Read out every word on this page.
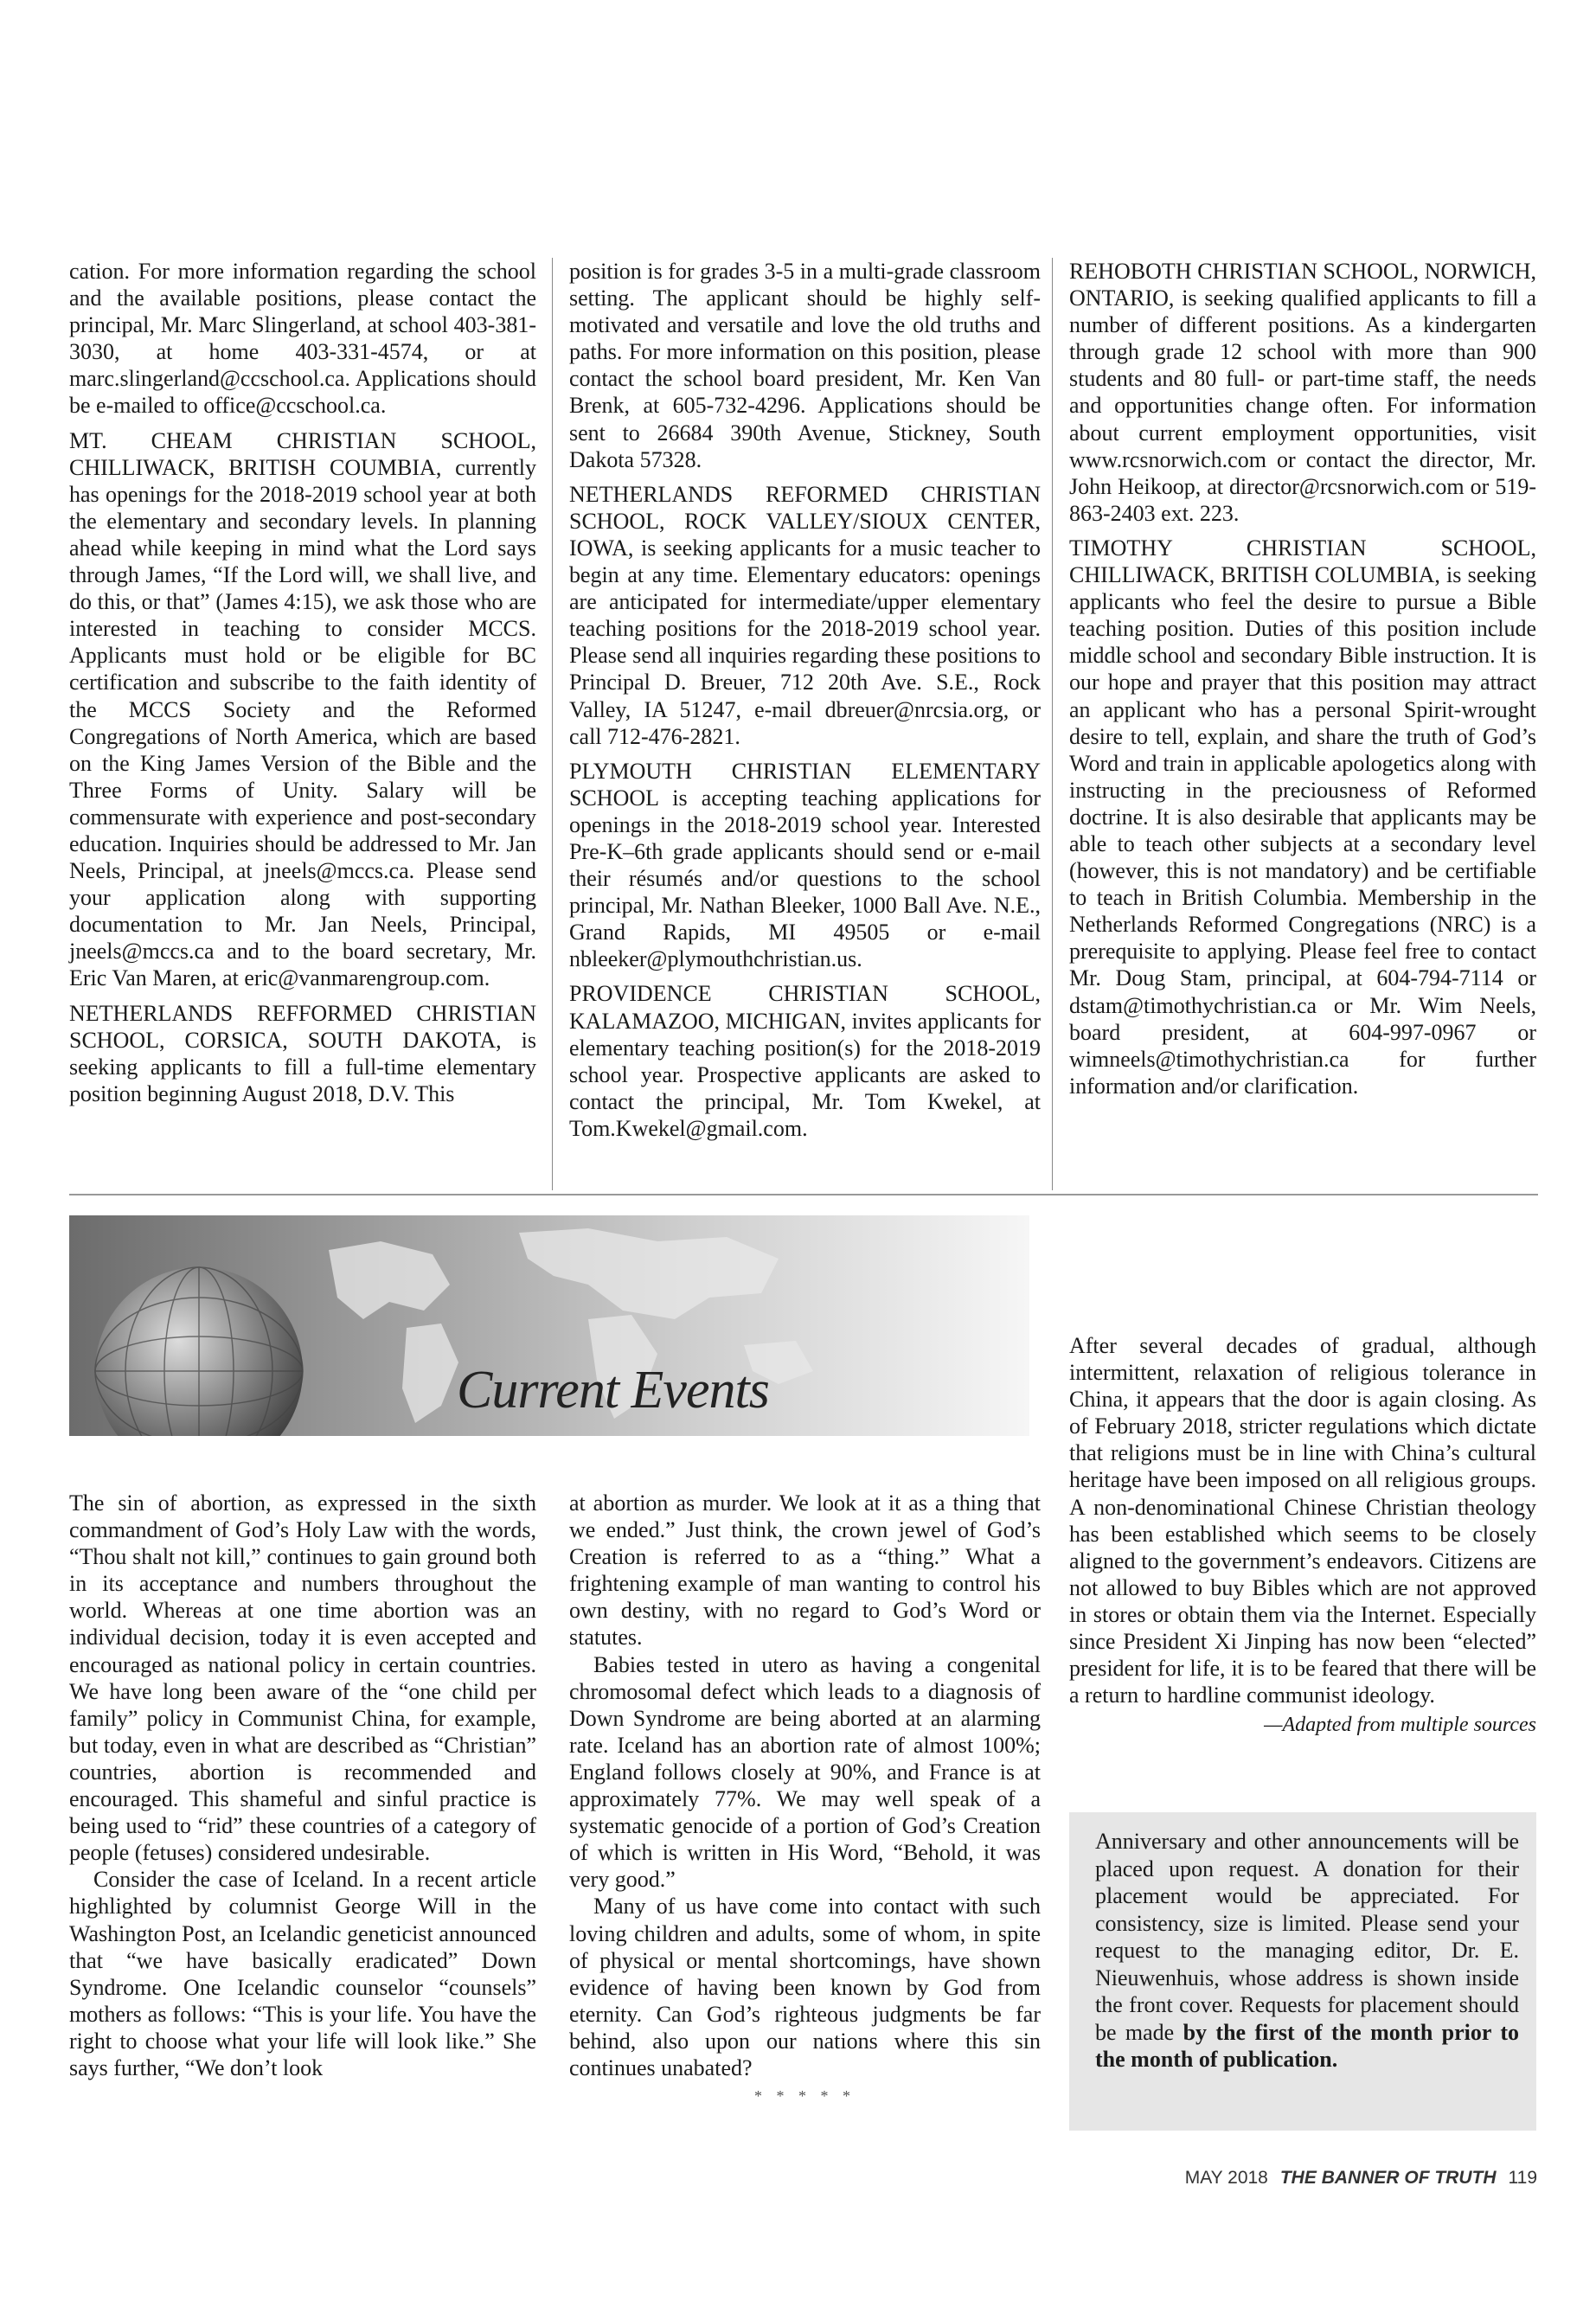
cation. For more information regarding the school and the available positions, please contact the principal, Mr. Marc Slingerland, at school 403-381-3030, at home 403-331-4574, or at marc.slingerland@ccschool.ca. Applications should be e-mailed to office@ccschool.ca.

MT. CHEAM CHRISTIAN SCHOOL, CHILLIWACK, BRITISH COUMBIA, currently has openings for the 2018-2019 school year at both the elementary and secondary levels. In planning ahead while keeping in mind what the Lord says through James, “If the Lord will, we shall live, and do this, or that” (James 4:15), we ask those who are interested in teaching to consider MCCS. Applicants must hold or be eligible for BC certification and subscribe to the faith identity of the MCCS Society and the Reformed Congregations of North America, which are based on the King James Version of the Bible and the Three Forms of Unity. Salary will be commensurate with experience and post-secondary education. Inquiries should be addressed to Mr. Jan Neels, Principal, at jneels@mccs.ca. Please send your application along with supporting documentation to Mr. Jan Neels, Principal, jneels@mccs.ca and to the board secretary, Mr. Eric Van Maren, at eric@vanmarengroup.com.

NETHERLANDS REFFORMED CHRISTIAN SCHOOL, CORSICA, SOUTH DAKOTA, is seeking applicants to fill a full-time elementary position beginning August 2018, D.V. This

position is for grades 3-5 in a multi-grade classroom setting. The applicant should be highly self-motivated and versatile and love the old truths and paths. For more information on this position, please contact the school board president, Mr. Ken Van Brenk, at 605-732-4296. Applications should be sent to 26684 390th Avenue, Stickney, South Dakota 57328.

NETHERLANDS REFORMED CHRISTIAN SCHOOL, ROCK VALLEY/SIOUX CENTER, IOWA, is seeking applicants for a music teacher to begin at any time. Elementary educators: openings are anticipated for intermediate/upper elementary teaching positions for the 2018-2019 school year. Please send all inquiries regarding these positions to Principal D. Breuer, 712 20th Ave. S.E., Rock Valley, IA 51247, e-mail dbreuer@nrcsia.org, or call 712-476-2821.

PLYMOUTH CHRISTIAN ELEMENTARY SCHOOL is accepting teaching applications for openings in the 2018-2019 school year. Interested Pre-K–6th grade applicants should send or e-mail their résumés and/or questions to the school principal, Mr. Nathan Bleeker, 1000 Ball Ave. N.E., Grand Rapids, MI 49505 or e-mail nbleeker@plymouthchristian.us.

PROVIDENCE CHRISTIAN SCHOOL, KALAMAZOO, MICHIGAN, invites applicants for elementary teaching position(s) for the 2018-2019 school year. Prospective applicants are asked to contact the principal, Mr. Tom Kwekel, at Tom.Kwekel@gmail.com.

REHOBOTH CHRISTIAN SCHOOL, NORWICH, ONTARIO, is seeking qualified applicants to fill a number of different positions. As a kindergarten through grade 12 school with more than 900 students and 80 full- or part-time staff, the needs and opportunities change often. For information about current employment opportunities, visit www.rcsnorwich.com or contact the director, Mr. John Heikoop, at director@rcsnorwich.com or 519-863-2403 ext. 223.

TIMOTHY CHRISTIAN SCHOOL, CHILLIWACK, BRITISH COLUMBIA, is seeking applicants who feel the desire to pursue a Bible teaching position. Duties of this position include middle school and secondary Bible instruction. It is our hope and prayer that this position may attract an applicant who has a personal Spirit-wrought desire to tell, explain, and share the truth of God’s Word and train in applicable apologetics along with instructing in the preciousness of Reformed doctrine. It is also desirable that applicants may be able to teach other subjects at a secondary level (however, this is not mandatory) and be certifiable to teach in British Columbia. Membership in the Netherlands Reformed Congregations (NRC) is a prerequisite to applying. Please feel free to contact Mr. Doug Stam, principal, at 604-794-7114 or dstam@timothychristian.ca or Mr. Wim Neels, board president, at 604-997-0967 or wimneels@timothychristian.ca for further information and/or clarification.

Current Events

The sin of abortion, as expressed in the sixth commandment of God’s Holy Law with the words, “Thou shalt not kill,” continues to gain ground both in its acceptance and numbers throughout the world. Whereas at one time abortion was an individual decision, today it is even accepted and encouraged as national policy in certain countries. We have long been aware of the “one child per family” policy in Communist China, for example, but today, even in what are described as “Christian” countries, abortion is recommended and encouraged. This shameful and sinful practice is being used to “rid” these countries of a category of people (fetuses) considered undesirable.

Consider the case of Iceland. In a recent article highlighted by columnist George Will in the Washington Post, an Icelandic geneticist announced that “we have basically eradicated” Down Syndrome. One Icelandic counselor “counsels” mothers as follows: “This is your life. You have the right to choose what your life will look like.” She says further, “We don’t look

at abortion as murder. We look at it as a thing that we ended.” Just think, the crown jewel of God’s Creation is referred to as a “thing.” What a frightening example of man wanting to control his own destiny, with no regard to God’s Word or statutes.

Babies tested in utero as having a congenital chromosomal defect which leads to a diagnosis of Down Syndrome are being aborted at an alarming rate. Iceland has an abortion rate of almost 100%; England follows closely at 90%, and France is at approximately 77%. We may well speak of a systematic genocide of a portion of God’s Creation of which is written in His Word, “Behold, it was very good.”

Many of us have come into contact with such loving children and adults, some of whom, in spite of physical or mental shortcomings, have shown evidence of having been known by God from eternity. Can God’s righteous judgments be far behind, also upon our nations where this sin continues unabated?

* * * * *

After several decades of gradual, although intermittent, relaxation of religious tolerance in China, it appears that the door is again closing. As of February 2018, stricter regulations which dictate that religions must be in line with China’s cultural heritage have been imposed on all religious groups. A non-denominational Chinese Christian theology has been established which seems to be closely aligned to the government’s endeavors. Citizens are not allowed to buy Bibles which are not approved in stores or obtain them via the Internet. Especially since President Xi Jinping has now been “elected” president for life, it is to be feared that there will be a return to hardline communist ideology.

—Adapted from multiple sources
Anniversary and other announcements will be placed upon request. A donation for their placement would be appreciated. For consistency, size is limited. Please send your request to the managing editor, Dr. E. Nieuwenhuis, whose address is shown inside the front cover. Requests for placement should be made by the first of the month prior to the month of publication.
MAY 2018 THE BANNER OF TRUTH 119
